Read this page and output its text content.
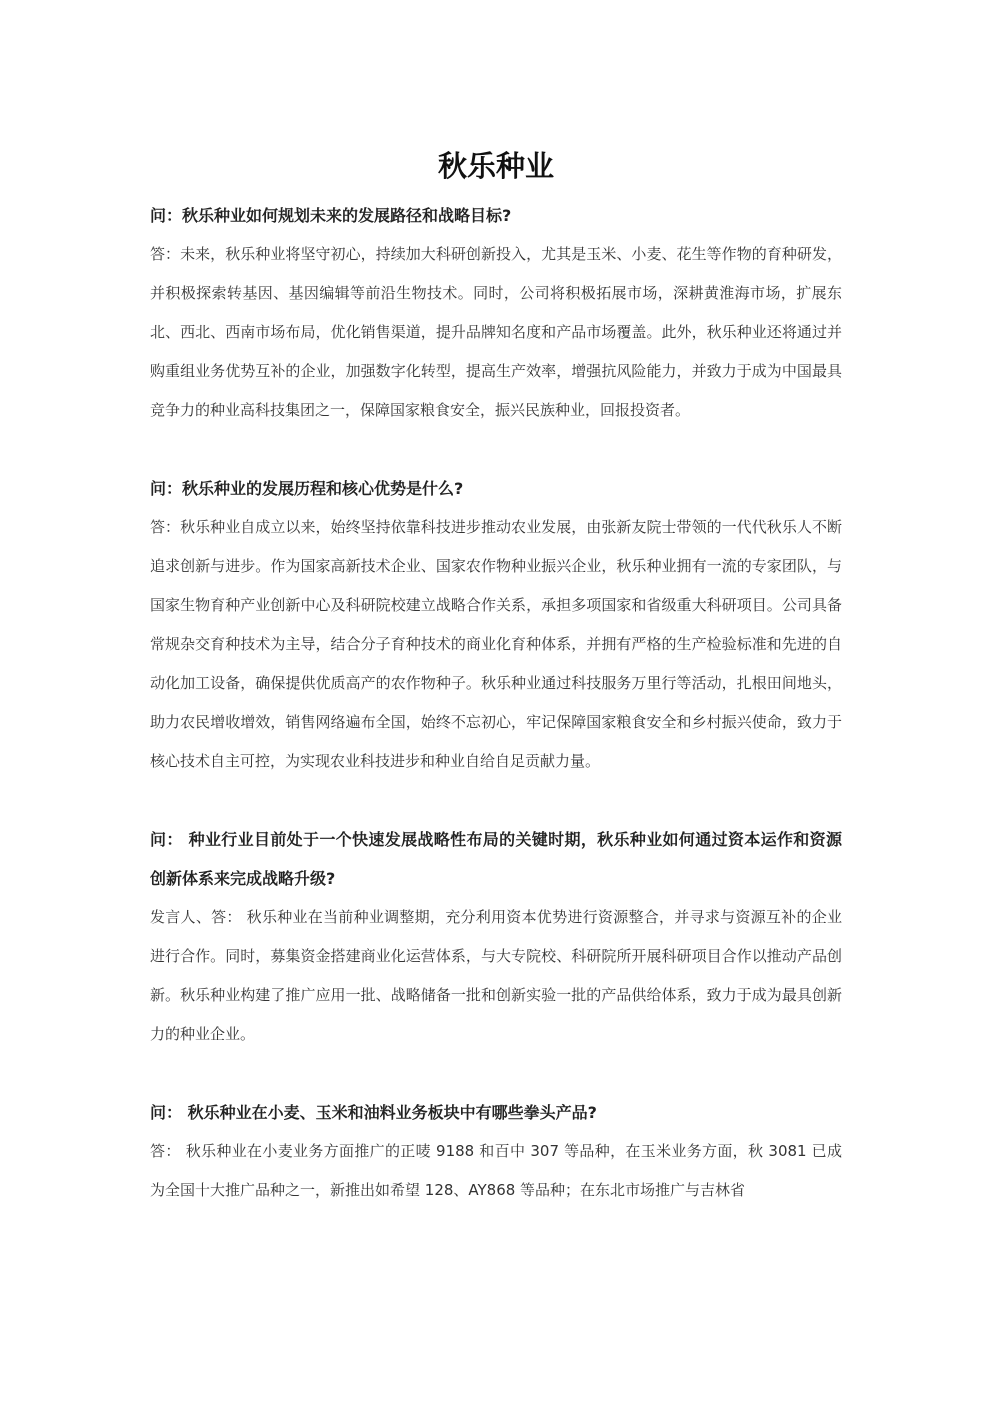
秋乐种业
问：秋乐种业如何规划未来的发展路径和战略目标?
答：未来，秋乐种业将坚守初心，持续加大科研创新投入，尤其是玉米、小麦、花生等作物的育种研发，并积极探索转基因、基因编辑等前沿生物技术。同时，公司将积极拓展市场，深耕黄淮海市场，扩展东北、西北、西南市场布局，优化销售渠道，提升品牌知名度和产品市场覆盖。此外，秋乐种业还将通过并购重组业务优势互补的企业，加强数字化转型，提高生产效率，增强抗风险能力，并致力于成为中国最具竞争力的种业高科技集团之一，保障国家粮食安全，振兴民族种业，回报投资者。
问：秋乐种业的发展历程和核心优势是什么?
答：秋乐种业自成立以来，始终坚持依靠科技进步推动农业发展，由张新友院士带领的一代代秋乐人不断追求创新与进步。作为国家高新技术企业、国家农作物种业振兴企业，秋乐种业拥有一流的专家团队，与国家生物育种产业创新中心及科研院校建立战略合作关系，承担多项国家和省级重大科研项目。公司具备常规杂交育种技术为主导，结合分子育种技术的商业化育种体系，并拥有严格的生产检验标准和先进的自动化加工设备，确保提供优质高产的农作物种子。秋乐种业通过科技服务万里行等活动，扎根田间地头，助力农民增收增效，销售网络遍布全国，始终不忘初心，牢记保障国家粮食安全和乡村振兴使命，致力于核心技术自主可控，为实现农业科技进步和种业自给自足贡献力量。
问： 种业行业目前处于一个快速发展战略性布局的关键时期，秋乐种业如何通过资本运作和资源创新体系来完成战略升级?
发言人、答： 秋乐种业在当前种业调整期，充分利用资本优势进行资源整合，并寻求与资源互补的企业进行合作。同时，募集资金搭建商业化运营体系，与大专院校、科研院所开展科研项目合作以推动产品创新。秋乐种业构建了推广应用一批、战略储备一批和创新实验一批的产品供给体系，致力于成为最具创新力的种业企业。
问： 秋乐种业在小麦、玉米和油料业务板块中有哪些拳头产品?
答： 秋乐种业在小麦业务方面推广的正唛 9188 和百中 307 等品种，在玉米业务方面，秋 3081 已成为全国十大推广品种之一，新推出如希望 128、AY868 等品种；在东北市场推广与吉林省
